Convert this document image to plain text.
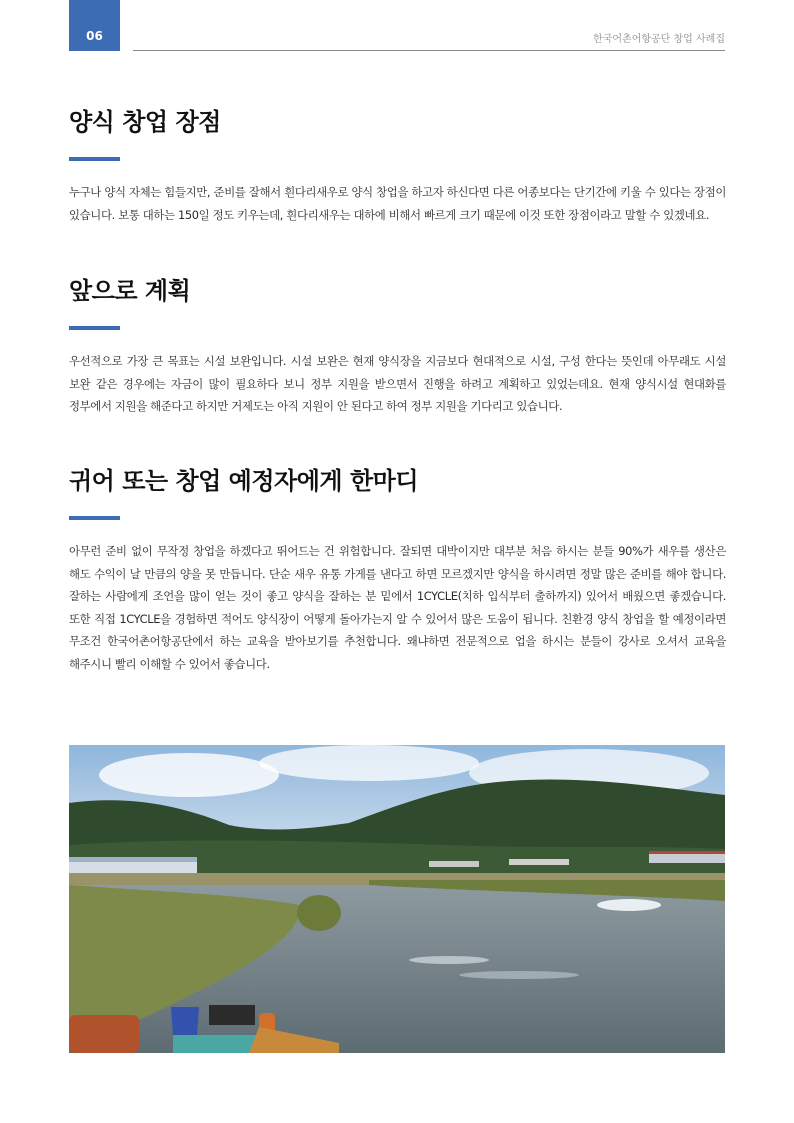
06	한국어촌어항공단 창업 사례집
양식 창업 장점

누구나 양식 자체는 힘들지만, 준비를 잘해서 흰다리새우로 양식 창업을 하고자 하신다면 다른 어종보다는 단기간에 키울 수 있다는 장점이 있습니다. 보통 대하는 150일 정도 키우는데, 흰다리새우는 대하에 비해서 빠르게 크기 때문에 이것 또한 장점이라고 말할 수 있겠네요.

앞으로 계획

우선적으로 가장 큰 목표는 시설 보완입니다. 시설 보완은 현재 양식장을 지금보다 현대적으로 시설, 구성 한다는 뜻인데 아무래도 시설 보완 같은 경우에는 자금이 많이 필요하다 보니 정부 지원을 받으면서 진행을 하려고 계획하고 있었는데요. 현재 양식시설 현대화를 정부에서 지원을 해준다고 하지만 거제도는 아직 지원이 안 된다고 하여 정부 지원을 기다리고 있습니다.

귀어 또는 창업 예정자에게 한마디

아무런 준비 없이 무작정 창업을 하겠다고 뛰어드는 건 위험합니다. 잘되면 대박이지만 대부분 처음 하시는 분들 90%가 새우를 생산은 해도 수익이 날 만큼의 양을 못 만듭니다. 단순 새우 유통 가게를 낸다고 하면 모르겠지만 양식을 하시려면 정말 많은 준비를 해야 합니다. 잘하는 사람에게 조언을 많이 얻는 것이 좋고 양식을 잘하는 분 밑에서 1CYCLE(치하 입식부터 출하까지) 있어서 배웠으면 좋겠습니다. 또한 직접 1CYCLE을 경험하면 적어도 양식장이 어떻게 돌아가는지 알 수 있어서 많은 도움이 됩니다. 친환경 양식 창업을 할 예정이라면 무조건 한국어촌어항공단에서 하는 교육을 받아보기를 추천합니다. 왜냐하면 전문적으로 업을 하시는 분들이 강사로 오셔서 교육을 해주시니 빨리 이해할 수 있어서 좋습니다.
